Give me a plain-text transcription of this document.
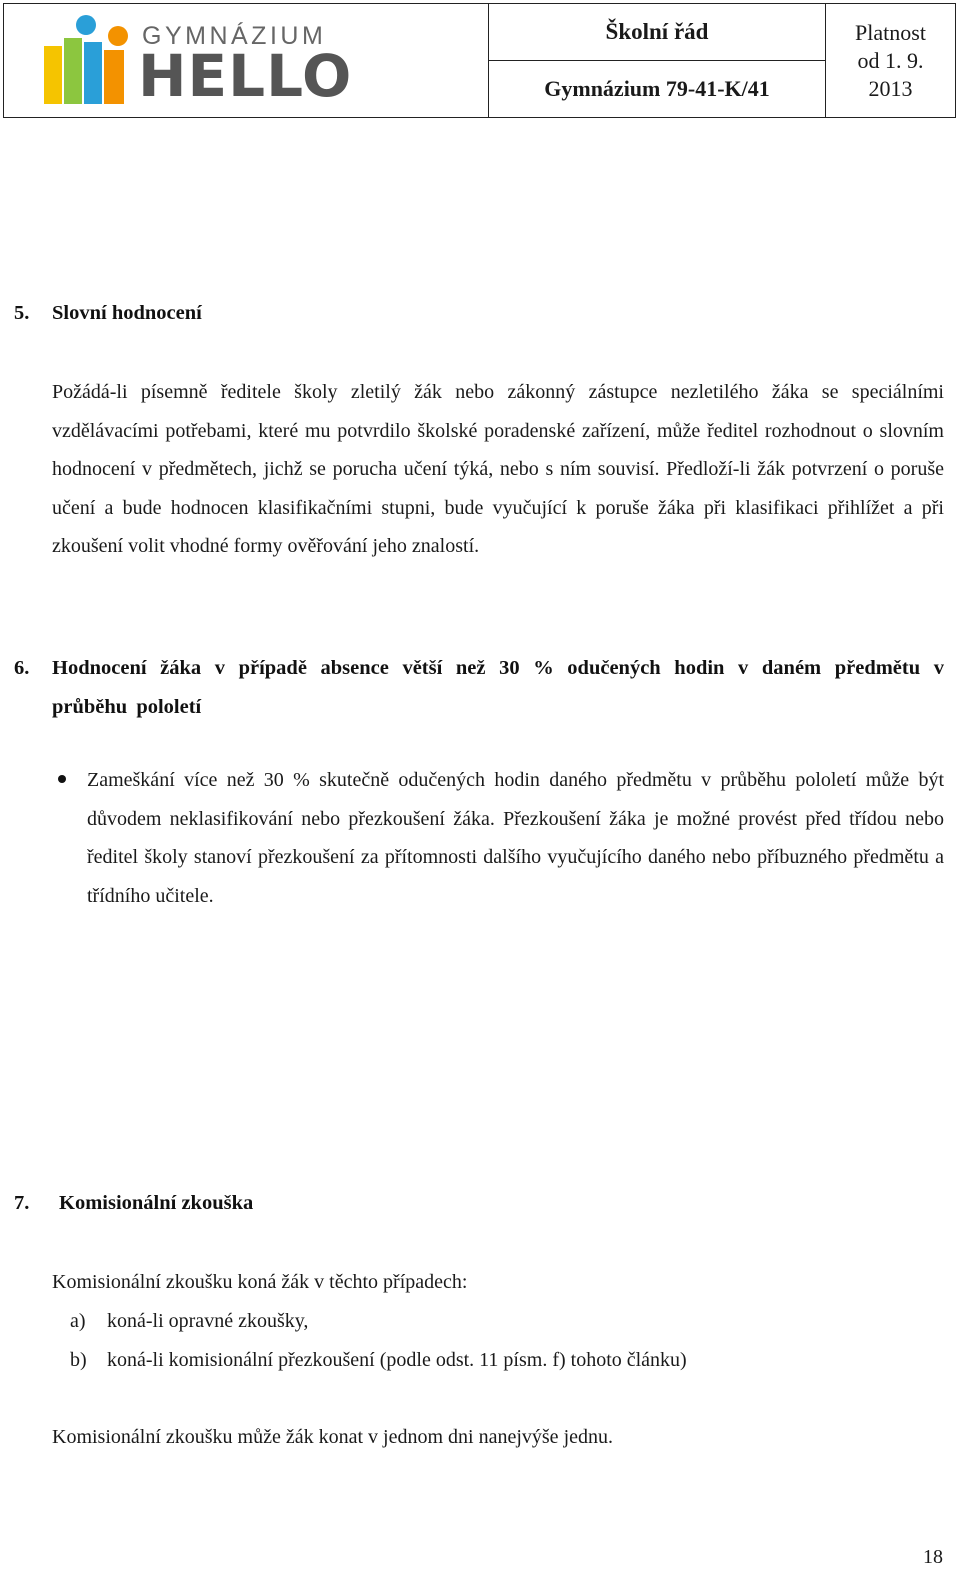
GYMNÁZIUM
HELLO
Školní řád
Gymnázium 79-41-K/41
Platnost
od 1. 9.
2013
5. Slovní hodnocení
Požádá-li písemně ředitele školy zletilý žák nebo zákonný zástupce nezletilého žáka se speciálními vzdělávacími potřebami, které mu potvrdilo školské poradenské zařízení, může ředitel rozhodnout o slovním hodnocení v předmětech, jichž se porucha učení týká, nebo s ním souvisí. Předloží-li žák potvrzení o poruše učení a bude hodnocen klasifikačními stupni, bude vyučující k poruše žáka při klasifikaci přihlížet a při zkoušení volit vhodné formy ověřování jeho znalostí.
6. Hodnocení žáka v případě absence větší než 30 % odučených hodin v daném předmětu v průběhu pololetí
Zameškání více než 30 % skutečně odučených hodin daného předmětu v průběhu pololetí může být důvodem neklasifikování nebo přezkoušení žáka. Přezkoušení žáka je možné provést před třídou nebo ředitel školy stanoví přezkoušení za přítomnosti dalšího vyučujícího daného nebo příbuzného předmětu a třídního učitele.
7. Komisionální zkouška
Komisionální zkoušku koná žák v těchto případech:
a) koná-li opravné zkoušky,
b) koná-li komisionální přezkoušení (podle odst. 11 písm. f) tohoto článku)
Komisionální zkoušku může žák konat v jednom dni nanejvýše jednu.
18
